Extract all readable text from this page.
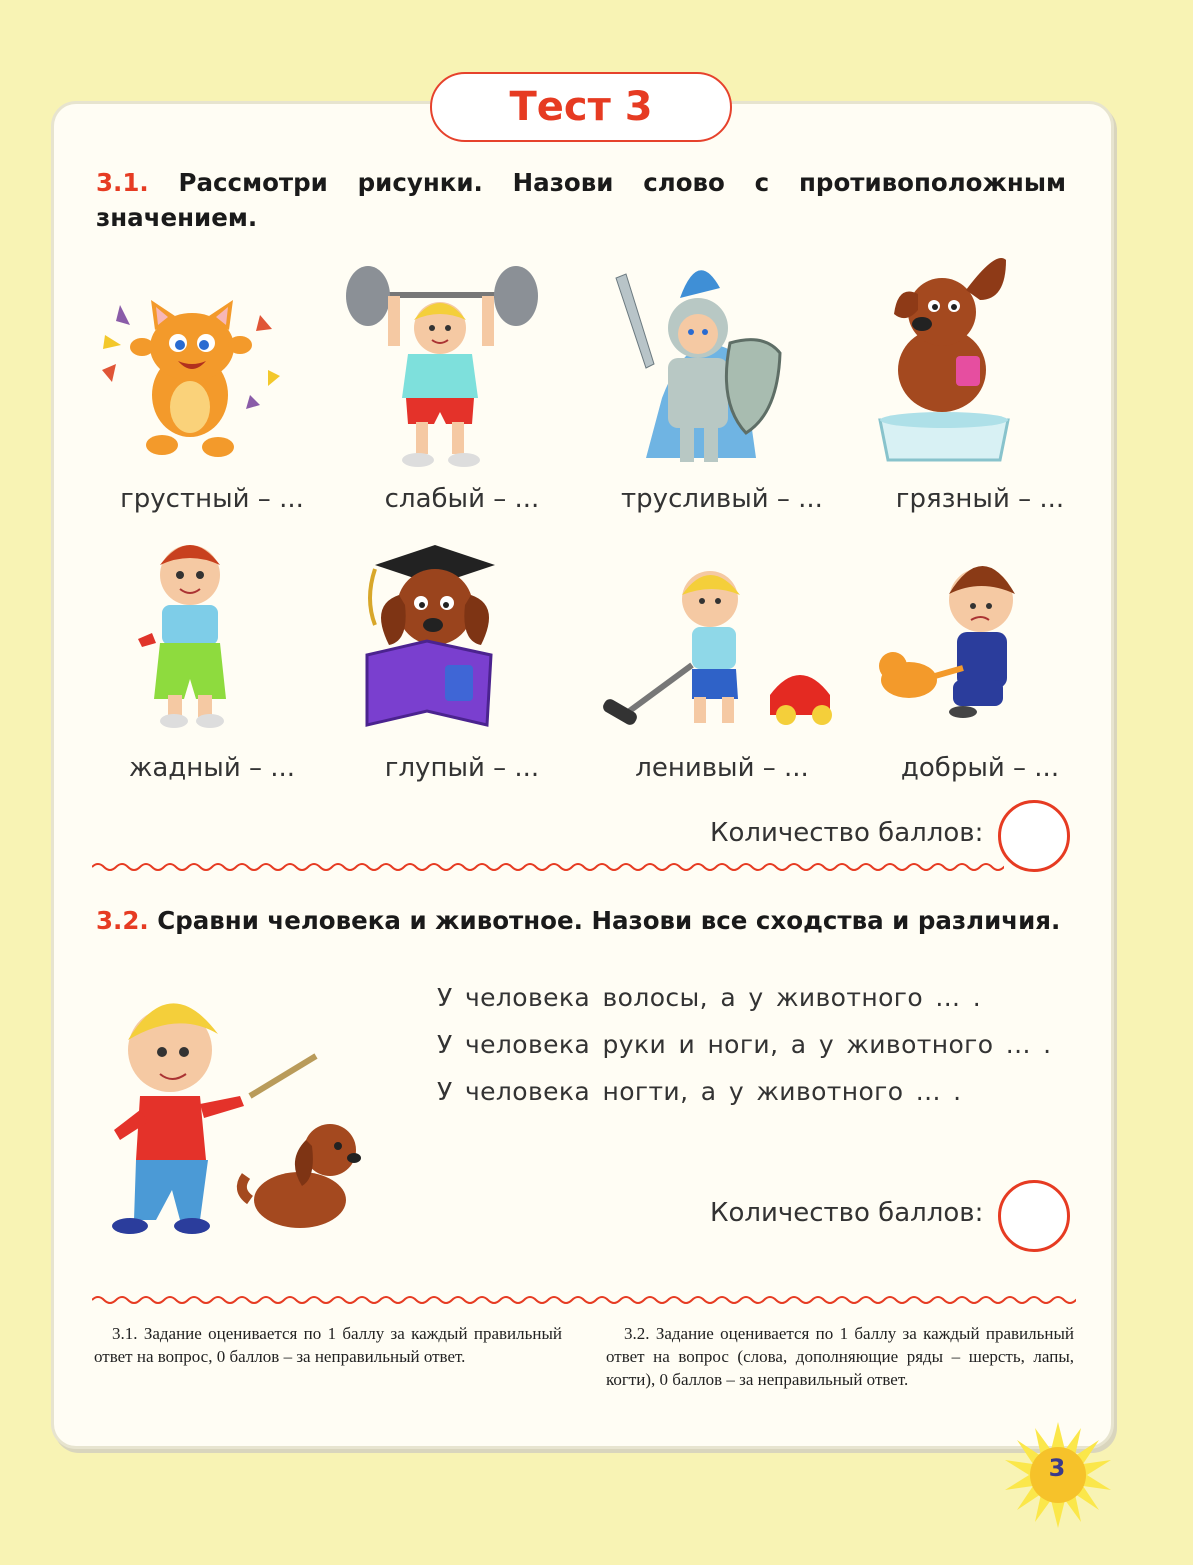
Тест 3

3.1. Рассмотри рисунки. Назови слово с противоположным значением.

грустный – ...	слабый – ...	трусливый – ...	грязный – ...
жадный – ...	глупый – ...	ленивый – ...	добрый – ...
Количество баллов:

3.2. Сравни человека и животное. Назови все сходства и различия.

У человека волосы, а у животного ... .
У человека руки и ноги, а у животного ... .
У человека ногти, а у животного ... .
Количество баллов:

3.1. Задание оценивается по 1 баллу за каждый правильный ответ на вопрос, 0 баллов – за неправильный ответ.

3.2. Задание оценивается по 1 баллу за каждый правильный ответ на вопрос (слова, дополняющие ряды – шерсть, лапы, когти), 0 баллов – за неправильный ответ.

3
